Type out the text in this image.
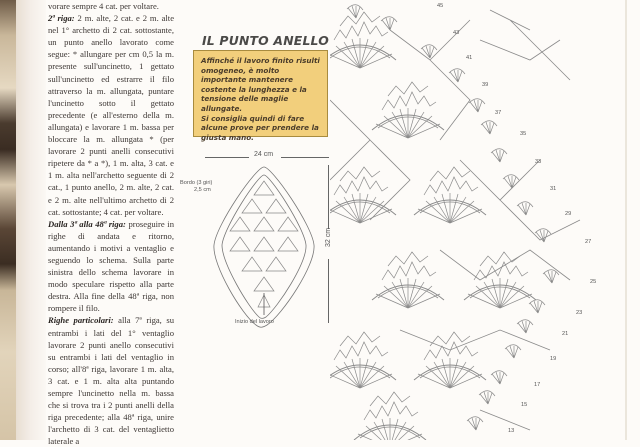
vorare sempre 4 cat. per voltare.

2ª riga: 2 m. alte, 2 cat. e 2 m. alte nel 1° archetto di 2 cat. sottostante, un punto anello lavorato come segue: * allungare per cm 0,5 la m. presente sull'uncinetto, 1 gettato sull'uncinetto ed estrarre il filo attraverso la m. allungata, puntare l'uncinetto sotto il gettato precedente (e all'esterno della m. allungata) e lavorare 1 m. bassa per bloccare la m. allungata * (per lavorare 2 punti anelli consecutivi ripetere da * a *), 1 m. alta, 3 cat. e 1 m. alta nell'archetto seguente di 2 cat., 1 punto anello, 2 m. alte, 2 cat. e 2 m. alte nell'ultimo archetto di 2 cat. sottostante; 4 cat. per voltare.

Dalla 3ª alla 48ª riga: proseguire in righe di andata e ritorno, aumentando i motivi a ventaglio e seguendo lo schema. Sulla parte sinistra dello schema lavorare in modo speculare rispetto alla parte destra. Alla fine della 48ª riga, non rompere il filo.

Righe particolari: alla 7ª riga, su entrambi i lati del 1° ventaglio lavorare 2 punti anello consecutivi su entrambi i lati del ventaglio in corso; all'8ª riga, lavorare 1 m. alta, 3 cat. e 1 m. alta alta puntando sempre l'uncinetto nella m. bassa che si trova tra i 2 punti anelli della riga precedente; alla 48ª riga, unire l'archetto di 3 cat. del ventaglietto laterale a

IL PUNTO ANELLO

Affinché il lavoro finito risulti omogeneo, è molto importante mantenere costente la lunghezza e la tensione delle maglie allungate.

Si consiglia quindi di fare alcune prove per prendere la giusta mano.

24 cm
32 cm
Bordo (3 giri)
2,5 cm
Inizio del lavoro
45
43
41
39
37
35
33
31
29
27
25
23
21
19
17
15
13
